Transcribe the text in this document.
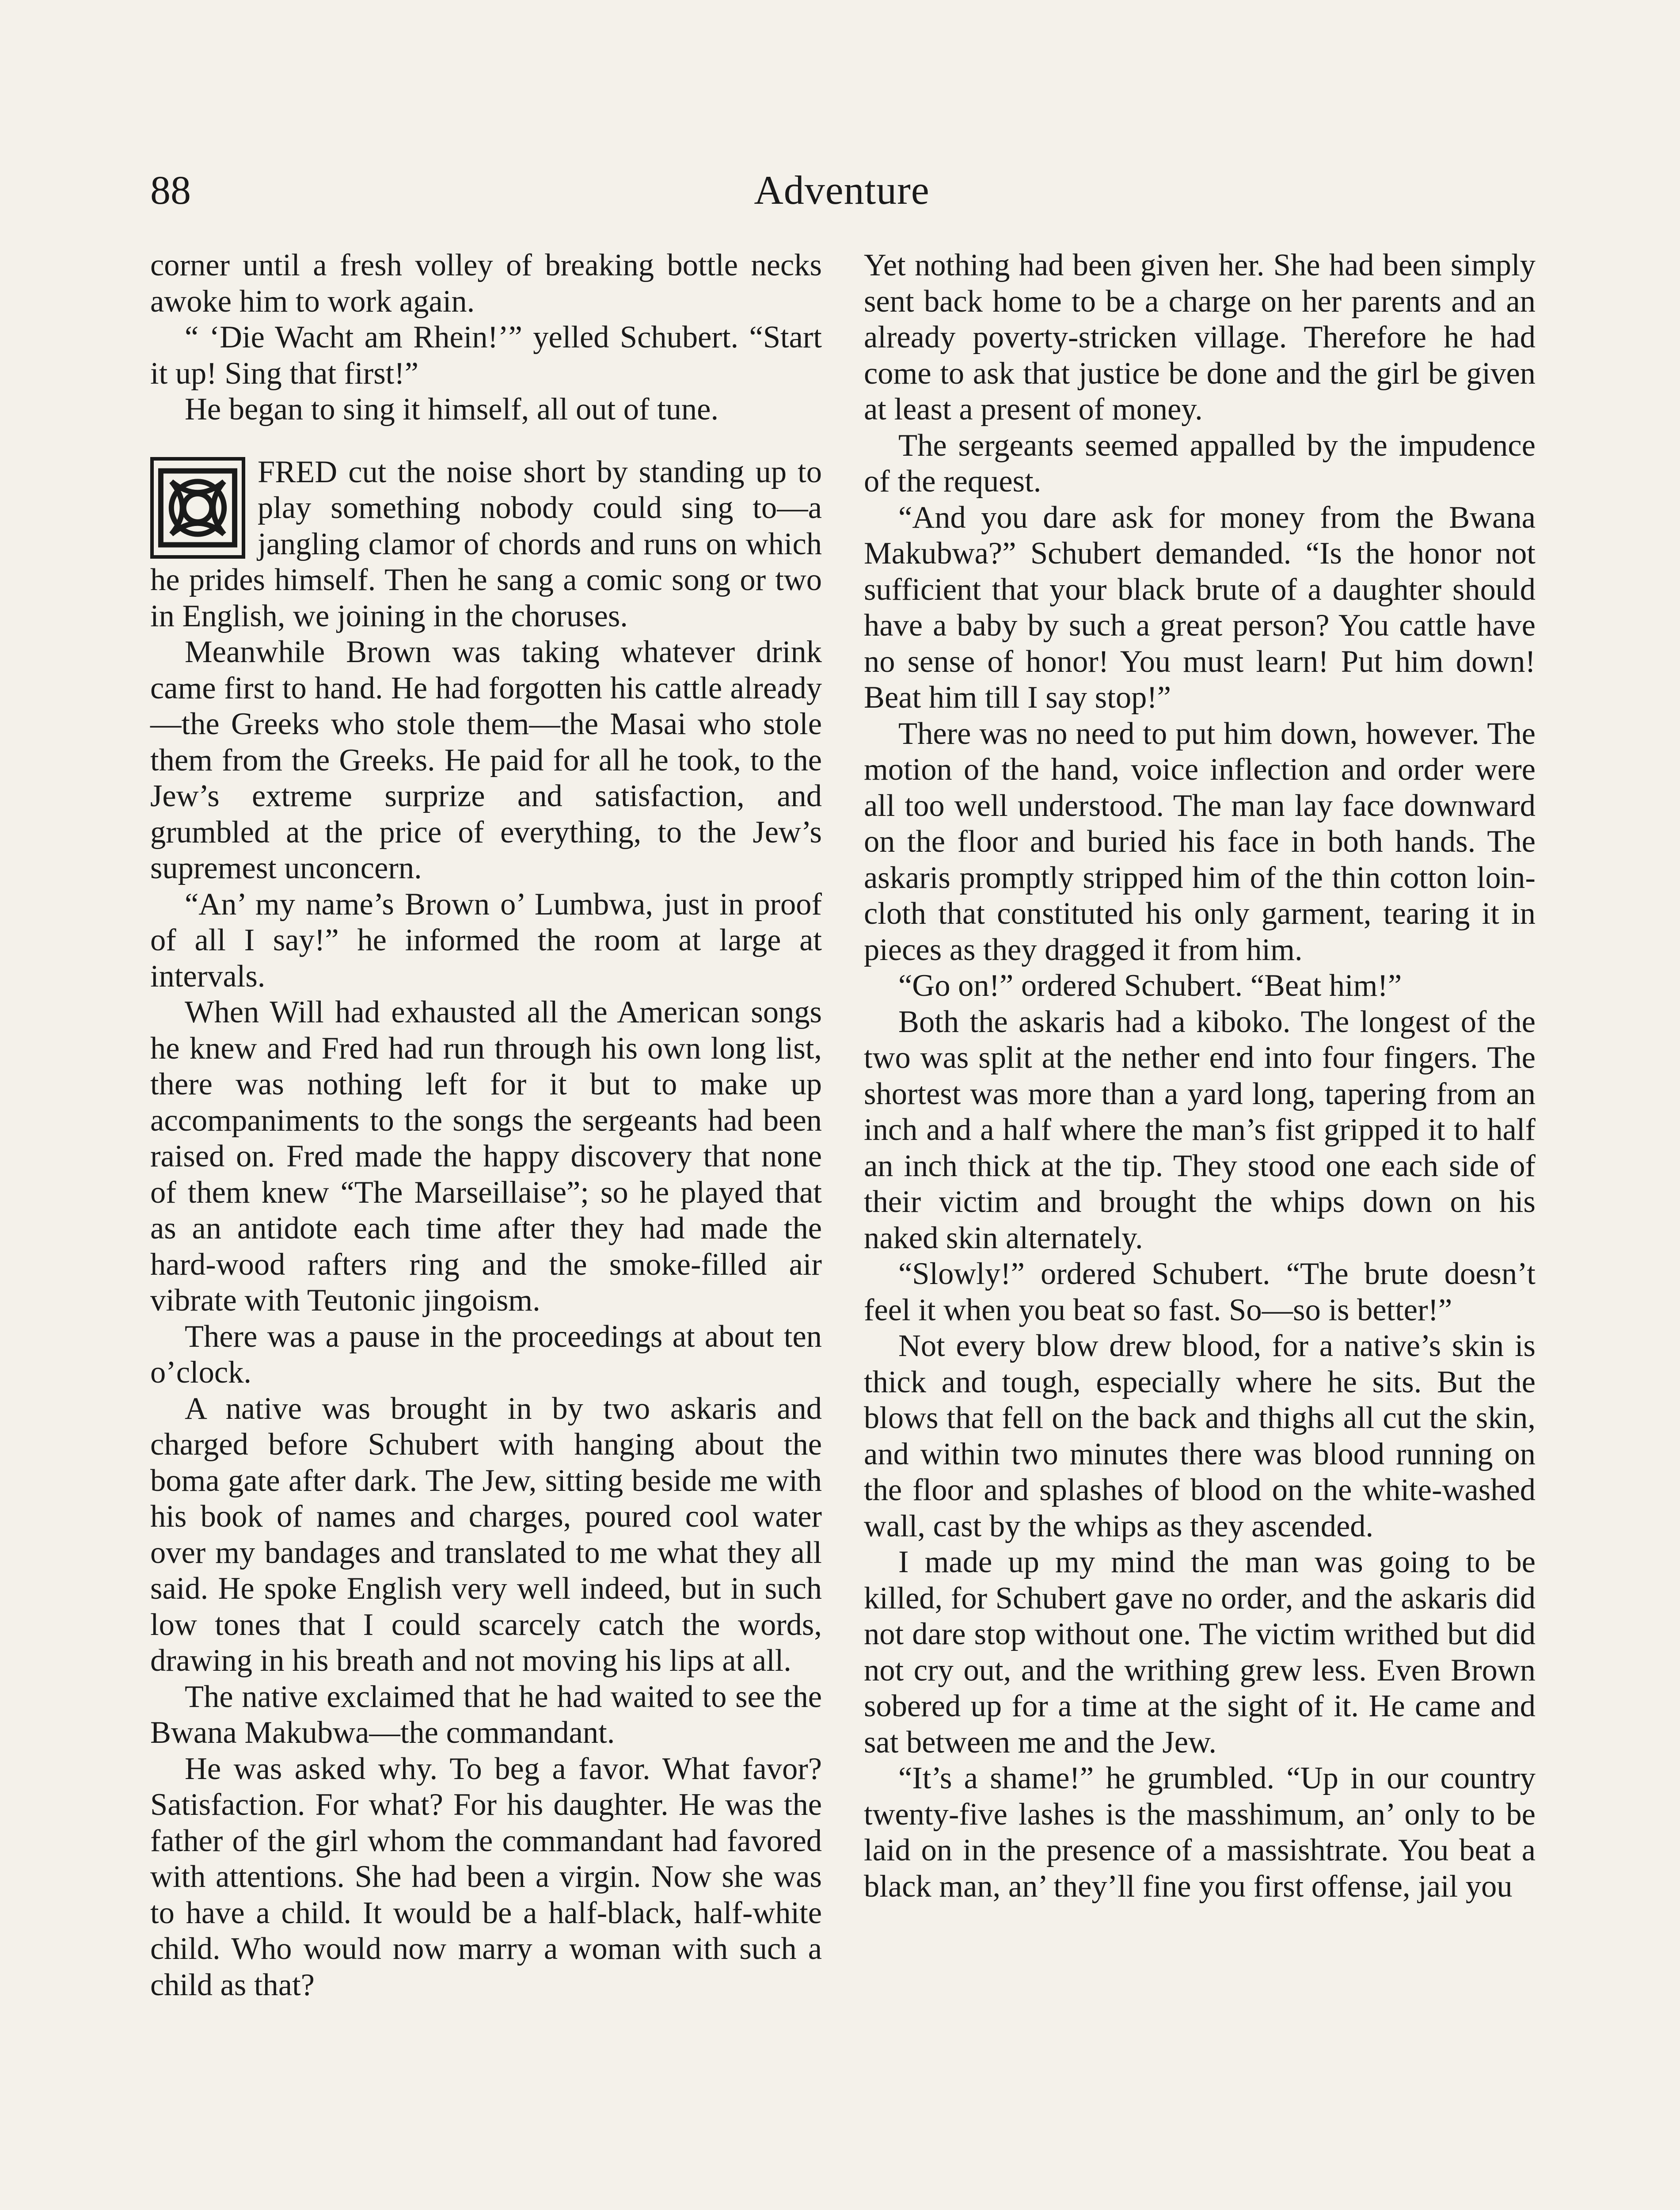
88	Adventure

corner until a fresh volley of breaking bottle necks awoke him to work again.

“ ‘Die Wacht am Rhein!’” yelled Schubert. “Start it up! Sing that first!”

He began to sing it himself, all out of tune.

FRED cut the noise short by standing up to play something nobody could sing to—a jangling clamor of chords and runs on which he prides himself. Then he sang a comic song or two in English, we joining in the choruses.

Meanwhile Brown was taking whatever drink came first to hand. He had forgotten his cattle already—the Greeks who stole them—the Masai who stole them from the Greeks. He paid for all he took, to the Jew’s extreme surprize and satisfaction, and grumbled at the price of everything, to the Jew’s supremest unconcern.

“An’ my name’s Brown o’ Lumbwa, just in proof of all I say!” he informed the room at large at intervals.

When Will had exhausted all the American songs he knew and Fred had run through his own long list, there was nothing left for it but to make up accompaniments to the songs the sergeants had been raised on. Fred made the happy discovery that none of them knew “The Marseillaise”; so he played that as an antidote each time after they had made the hard-wood rafters ring and the smoke-filled air vibrate with Teutonic jingoism.

There was a pause in the proceedings at about ten o’clock.

A native was brought in by two askaris and charged before Schubert with hanging about the boma gate after dark. The Jew, sitting beside me with his book of names and charges, poured cool water over my bandages and translated to me what they all said. He spoke English very well indeed, but in such low tones that I could scarcely catch the words, drawing in his breath and not moving his lips at all.

The native exclaimed that he had waited to see the Bwana Makubwa—the commandant.

He was asked why. To beg a favor. What favor? Satisfaction. For what? For his daughter. He was the father of the girl whom the commandant had favored with attentions. She had been a virgin. Now she was to have a child. It would be a half-black, half-white child. Who would now marry a woman with such a child as that?

Yet nothing had been given her. She had been simply sent back home to be a charge on her parents and an already poverty-stricken village. Therefore he had come to ask that justice be done and the girl be given at least a present of money.

The sergeants seemed appalled by the impudence of the request.

“And you dare ask for money from the Bwana Makubwa?” Schubert demanded. “Is the honor not sufficient that your black brute of a daughter should have a baby by such a great person? You cattle have no sense of honor! You must learn! Put him down! Beat him till I say stop!”

There was no need to put him down, however. The motion of the hand, voice inflection and order were all too well understood. The man lay face downward on the floor and buried his face in both hands. The askaris promptly stripped him of the thin cotton loin-cloth that constituted his only garment, tearing it in pieces as they dragged it from him.

“Go on!” ordered Schubert. “Beat him!”

Both the askaris had a kiboko. The longest of the two was split at the nether end into four fingers. The shortest was more than a yard long, tapering from an inch and a half where the man’s fist gripped it to half an inch thick at the tip. They stood one each side of their victim and brought the whips down on his naked skin alternately.

“Slowly!” ordered Schubert. “The brute doesn’t feel it when you beat so fast. So—so is better!”

Not every blow drew blood, for a native’s skin is thick and tough, especially where he sits. But the blows that fell on the back and thighs all cut the skin, and within two minutes there was blood running on the floor and splashes of blood on the white-washed wall, cast by the whips as they ascended.

I made up my mind the man was going to be killed, for Schubert gave no order, and the askaris did not dare stop without one. The victim writhed but did not cry out, and the writhing grew less. Even Brown sobered up for a time at the sight of it. He came and sat between me and the Jew.

“It’s a shame!” he grumbled. “Up in our country twenty-five lashes is the masshimum, an’ only to be laid on in the presence of a massishtrate. You beat a black man, an’ they’ll fine you first offense, jail you
